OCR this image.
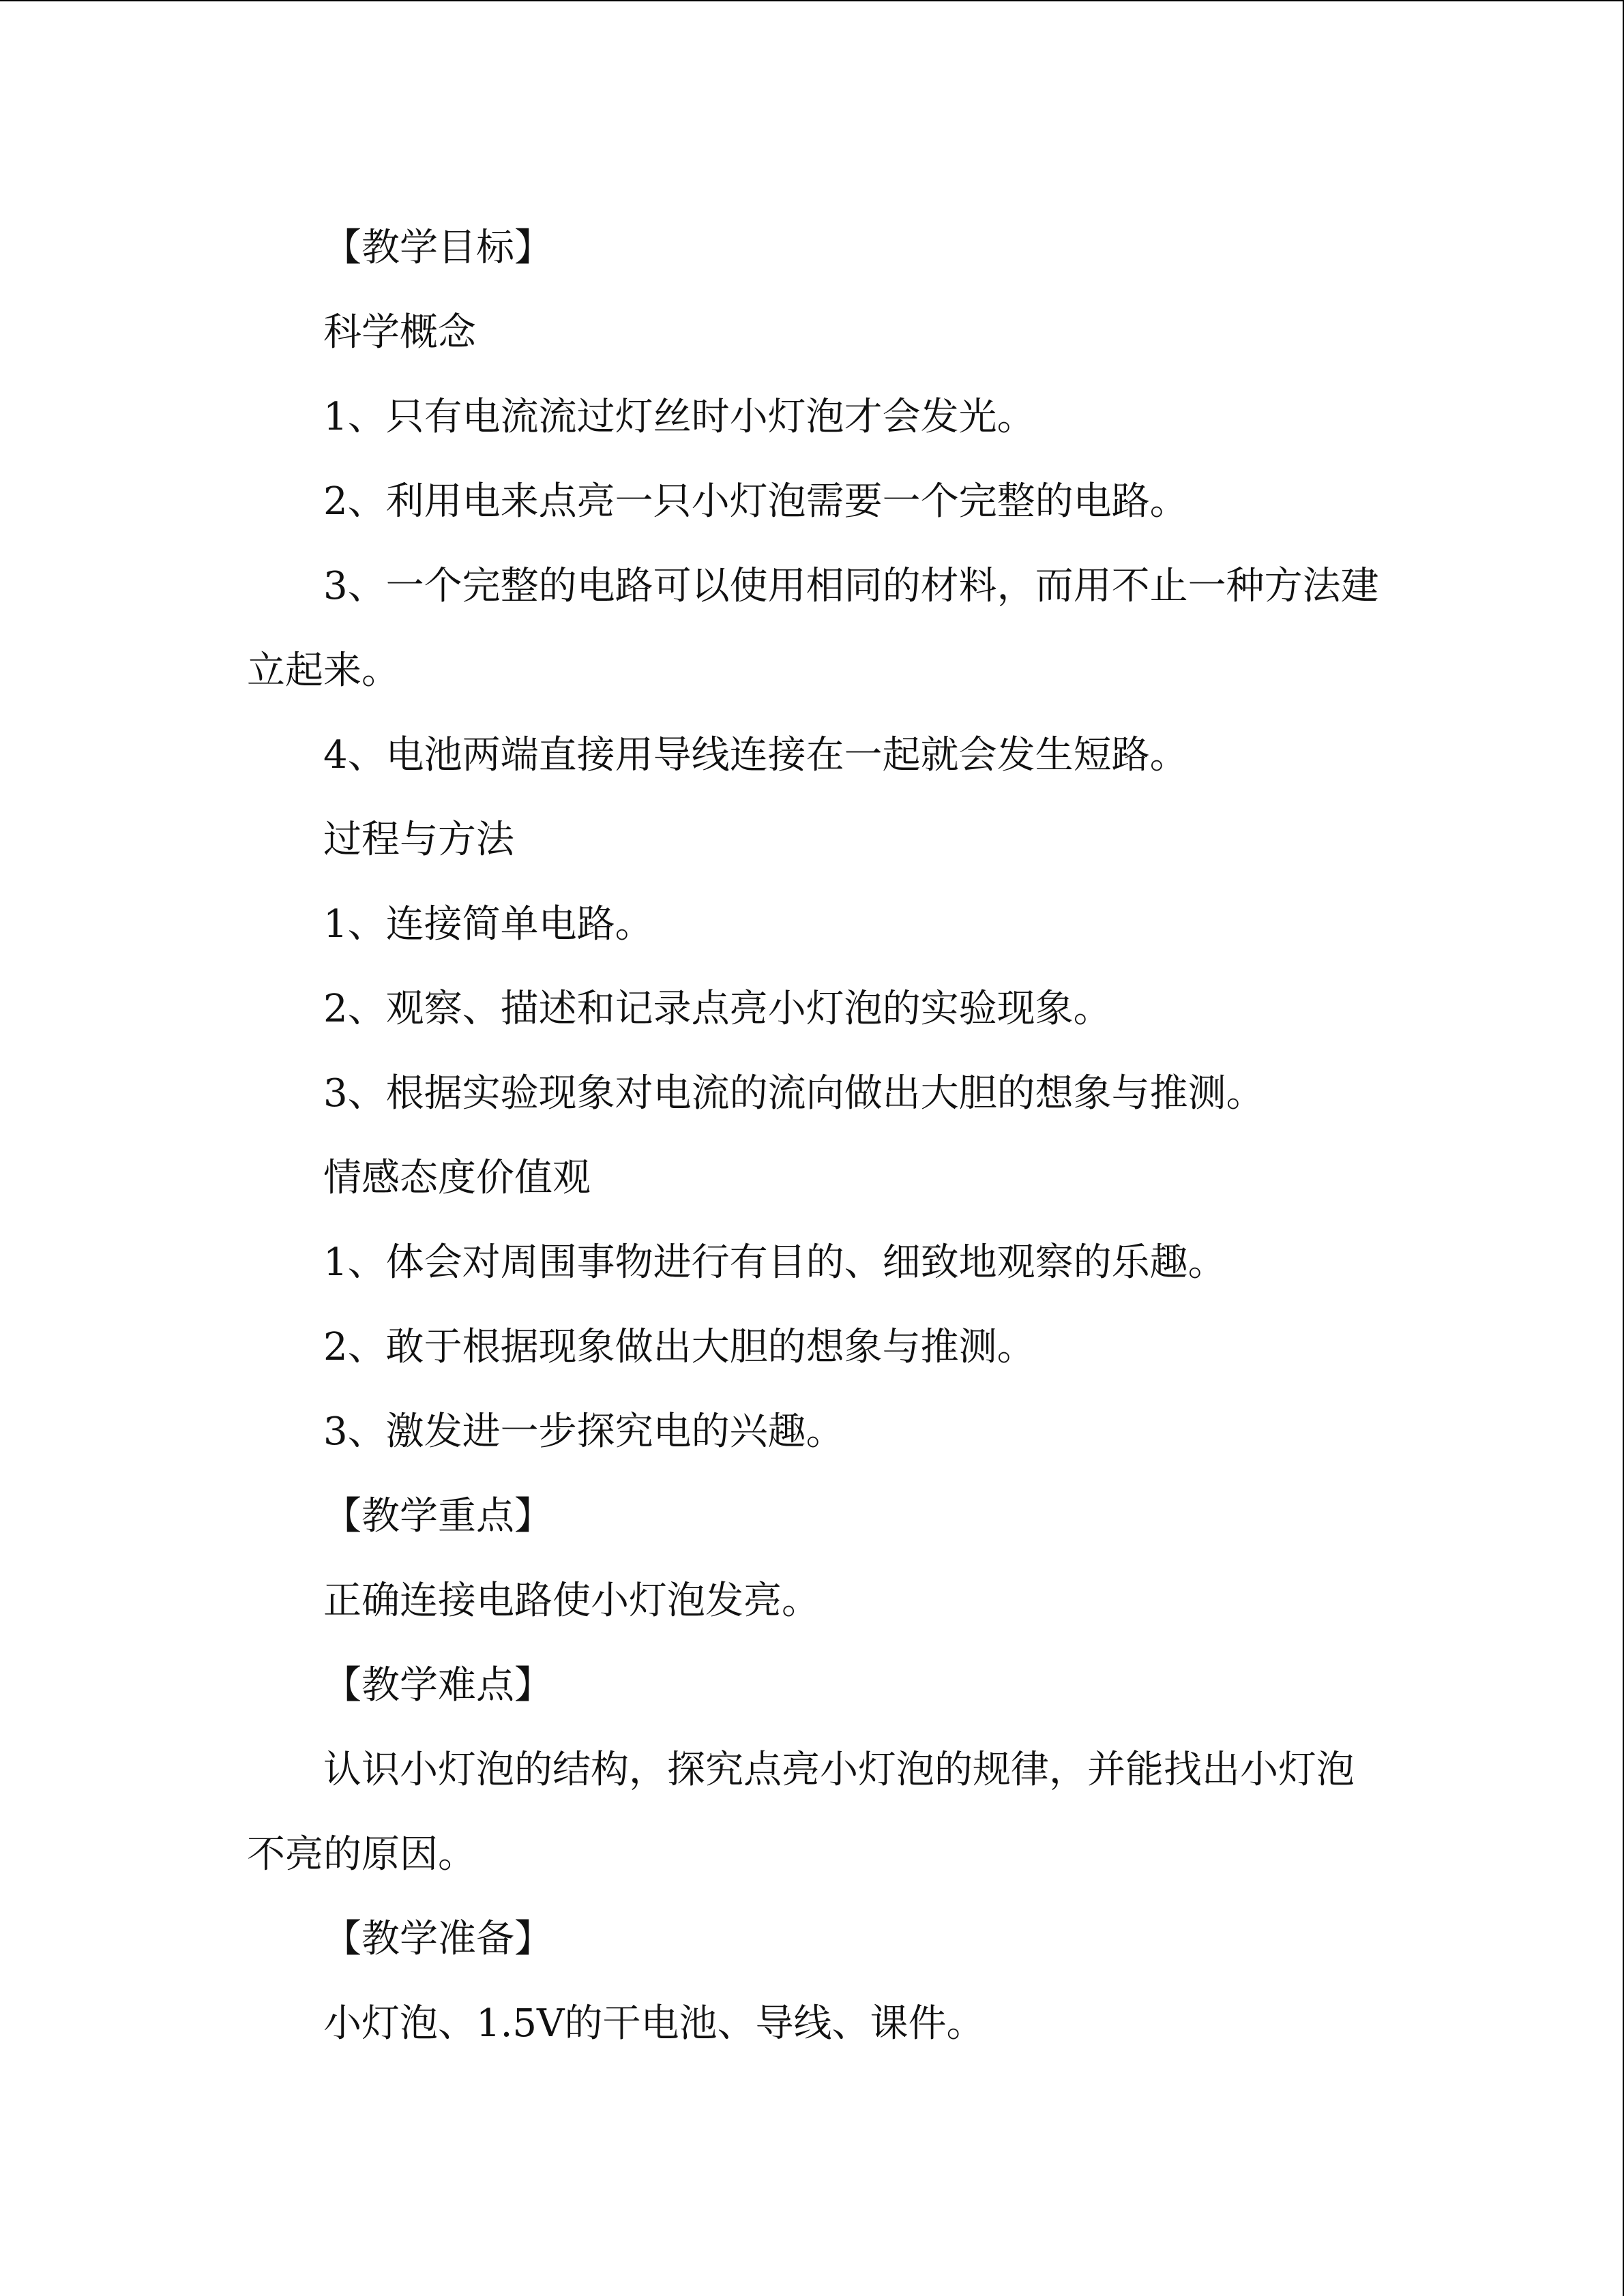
【教学目标】

科学概念

1、只有电流流过灯丝时小灯泡才会发光。

2、利用电来点亮一只小灯泡需要一个完整的电路。

3、一个完整的电路可以使用相同的材料，而用不止一种方法建立起来。

4、电池两端直接用导线连接在一起就会发生短路。

过程与方法

1、连接简单电路。

2、观察、描述和记录点亮小灯泡的实验现象。

3、根据实验现象对电流的流向做出大胆的想象与推测。

情感态度价值观

1、体会对周围事物进行有目的、细致地观察的乐趣。

2、敢于根据现象做出大胆的想象与推测。

3、激发进一步探究电的兴趣。

【教学重点】

正确连接电路使小灯泡发亮。

【教学难点】

认识小灯泡的结构，探究点亮小灯泡的规律，并能找出小灯泡不亮的原因。

【教学准备】

小灯泡、1.5V的干电池、导线、课件。
